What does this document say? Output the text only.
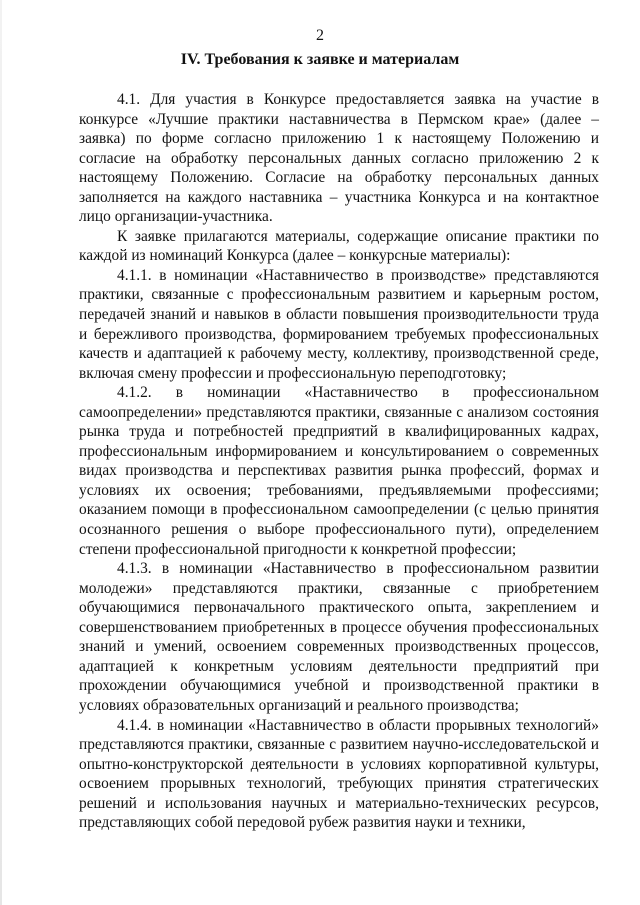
2
IV. Требования к заявке и материалам

4.1. Для участия в Конкурсе предоставляется заявка на участие в конкурсе «Лучшие практики наставничества в Пермском крае» (далее – заявка) по форме согласно приложению 1 к настоящему Положению и согласие на обработку персональных данных согласно приложению 2 к настоящему Положению. Согласие на обработку персональных данных заполняется на каждого наставника – участника Конкурса и на контактное лицо организации-участника.

К заявке прилагаются материалы, содержащие описание практики по каждой из номинаций Конкурса (далее – конкурсные материалы):

4.1.1. в номинации «Наставничество в производстве» представляются практики, связанные с профессиональным развитием и карьерным ростом, передачей знаний и навыков в области повышения производительности труда и бережливого производства, формированием требуемых профессиональных качеств и адаптацией к рабочему месту, коллективу, производственной среде, включая смену профессии и профессиональную переподготовку;

4.1.2. в номинации «Наставничество в профессиональном самоопределении» представляются практики, связанные с анализом состояния рынка труда и потребностей предприятий в квалифицированных кадрах, профессиональным информированием и консультированием о современных видах производства и перспективах развития рынка профессий, формах и условиях их освоения; требованиями, предъявляемыми профессиями; оказанием помощи в профессиональном самоопределении (с целью принятия осознанного решения о выборе профессионального пути), определением степени профессиональной пригодности к конкретной профессии;

4.1.3. в номинации «Наставничество в профессиональном развитии молодежи» представляются практики, связанные с приобретением обучающимися первоначального практического опыта, закреплением и совершенствованием приобретенных в процессе обучения профессиональных знаний и умений, освоением современных производственных процессов, адаптацией к конкретным условиям деятельности предприятий при прохождении обучающимися учебной и производственной практики в условиях образовательных организаций и реального производства;

4.1.4. в номинации «Наставничество в области прорывных технологий» представляются практики, связанные с развитием научно-исследовательской и опытно-конструкторской деятельности в условиях корпоративной культуры, освоением прорывных технологий, требующих принятия стратегических решений и использования научных и материально-технических ресурсов, представляющих собой передовой рубеж развития науки и техники,
